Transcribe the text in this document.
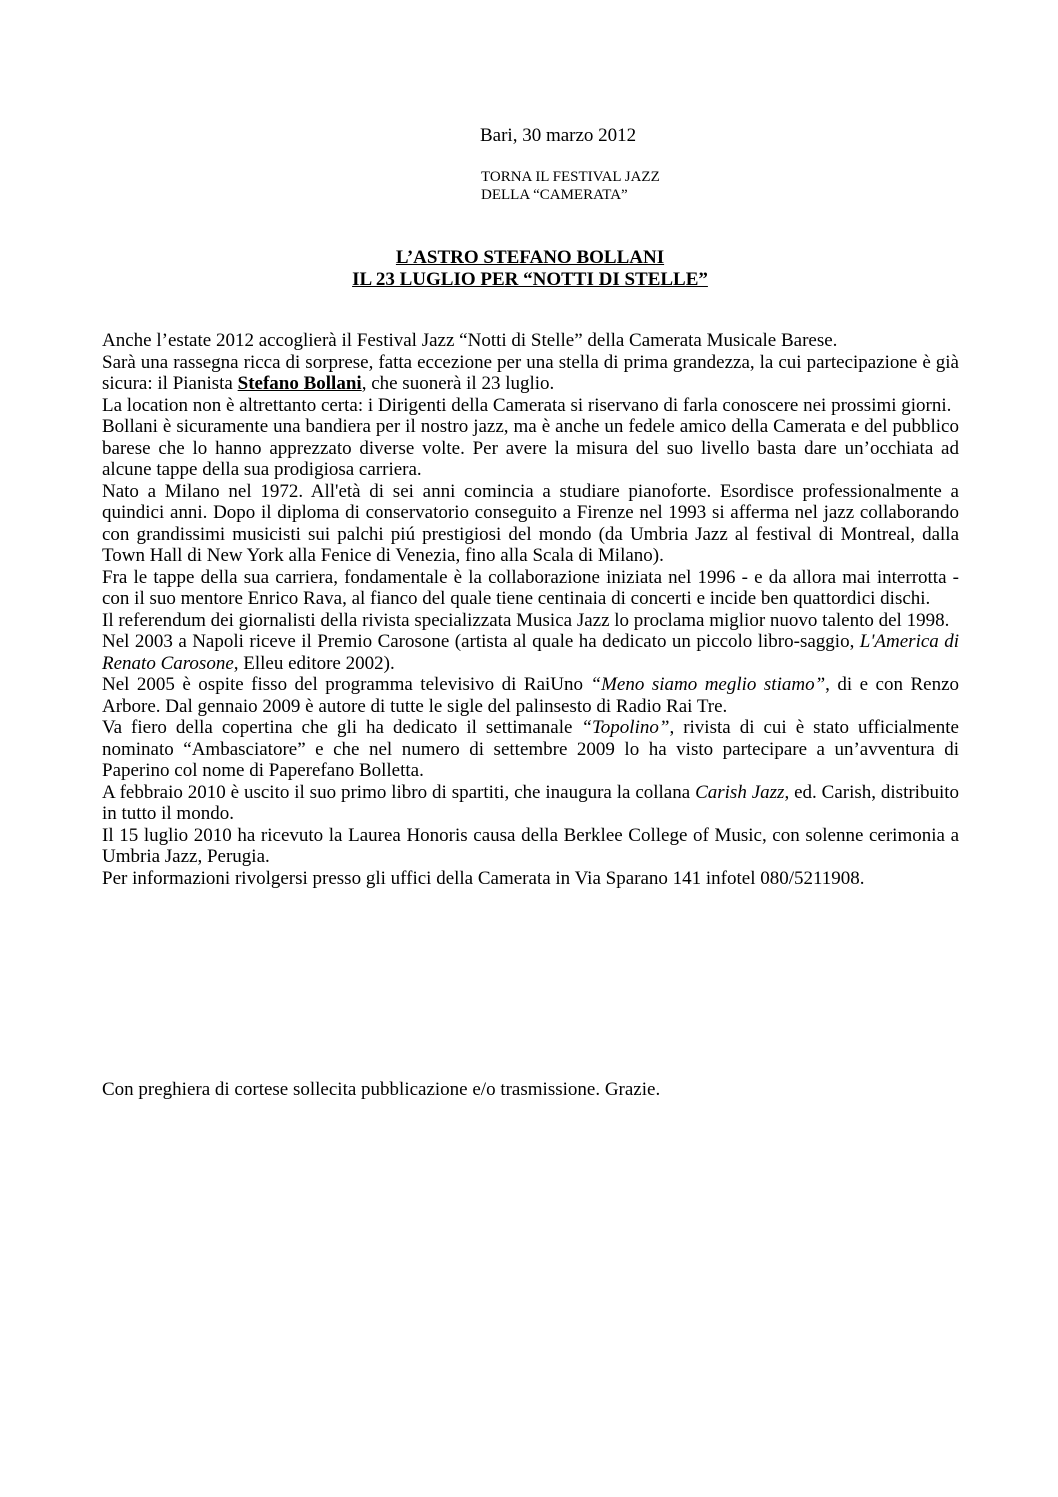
Bari, 30 marzo 2012

TORNA IL FESTIVAL JAZZ
DELLA “CAMERATA”

L’ASTRO STEFANO BOLLANI
IL 23 LUGLIO PER “NOTTI DI STELLE”

Anche l’estate 2012 accoglierà il Festival Jazz “Notti di Stelle” della Camerata Musicale Barese.

Sarà una rassegna ricca di sorprese, fatta eccezione per una stella di prima grandezza, la cui partecipazione è già sicura: il Pianista Stefano Bollani, che suonerà il 23 luglio.

La location non è altrettanto certa: i Dirigenti della Camerata si riservano di farla conoscere nei prossimi giorni.

Bollani è sicuramente una bandiera per il nostro jazz, ma è anche un fedele amico della Camerata e del pubblico barese che lo hanno apprezzato diverse volte. Per avere la misura del suo livello basta dare un’occhiata ad alcune tappe della sua prodigiosa carriera.

Nato a Milano nel 1972. All'età di sei anni comincia a studiare pianoforte. Esordisce professionalmente a quindici anni. Dopo il diploma di conservatorio conseguito a Firenze nel 1993 si afferma nel jazz collaborando con grandissimi musicisti sui palchi piú prestigiosi del mondo (da Umbria Jazz al festival di Montreal, dalla Town Hall di New York alla Fenice di Venezia, fino alla Scala di Milano).

Fra le tappe della sua carriera, fondamentale è la collaborazione iniziata nel 1996 - e da allora mai interrotta - con il suo mentore Enrico Rava, al fianco del quale tiene centinaia di concerti e incide ben quattordici dischi.

Il referendum dei giornalisti della rivista specializzata Musica Jazz lo proclama miglior nuovo talento del 1998.

Nel 2003 a Napoli riceve il Premio Carosone (artista al quale ha dedicato un piccolo libro-saggio, L'America di Renato Carosone, Elleu editore 2002).

Nel 2005 è ospite fisso del programma televisivo di RaiUno “Meno siamo meglio stiamo”, di e con Renzo Arbore. Dal gennaio 2009 è autore di tutte le sigle del palinsesto di Radio Rai Tre.

Va fiero della copertina che gli ha dedicato il settimanale “Topolino”, rivista di cui è stato ufficialmente nominato “Ambasciatore” e che nel numero di settembre 2009 lo ha visto partecipare a un’avventura di Paperino col nome di Paperefano Bolletta.

A febbraio 2010 è uscito il suo primo libro di spartiti, che inaugura la collana Carish Jazz, ed. Carish, distribuito in tutto il mondo.

Il 15 luglio 2010 ha ricevuto la Laurea Honoris causa della Berklee College of Music, con solenne cerimonia a Umbria Jazz, Perugia.

Per informazioni rivolgersi presso gli uffici della Camerata in Via Sparano 141 infotel 080/5211908.

Con preghiera di cortese sollecita pubblicazione e/o trasmissione. Grazie.
